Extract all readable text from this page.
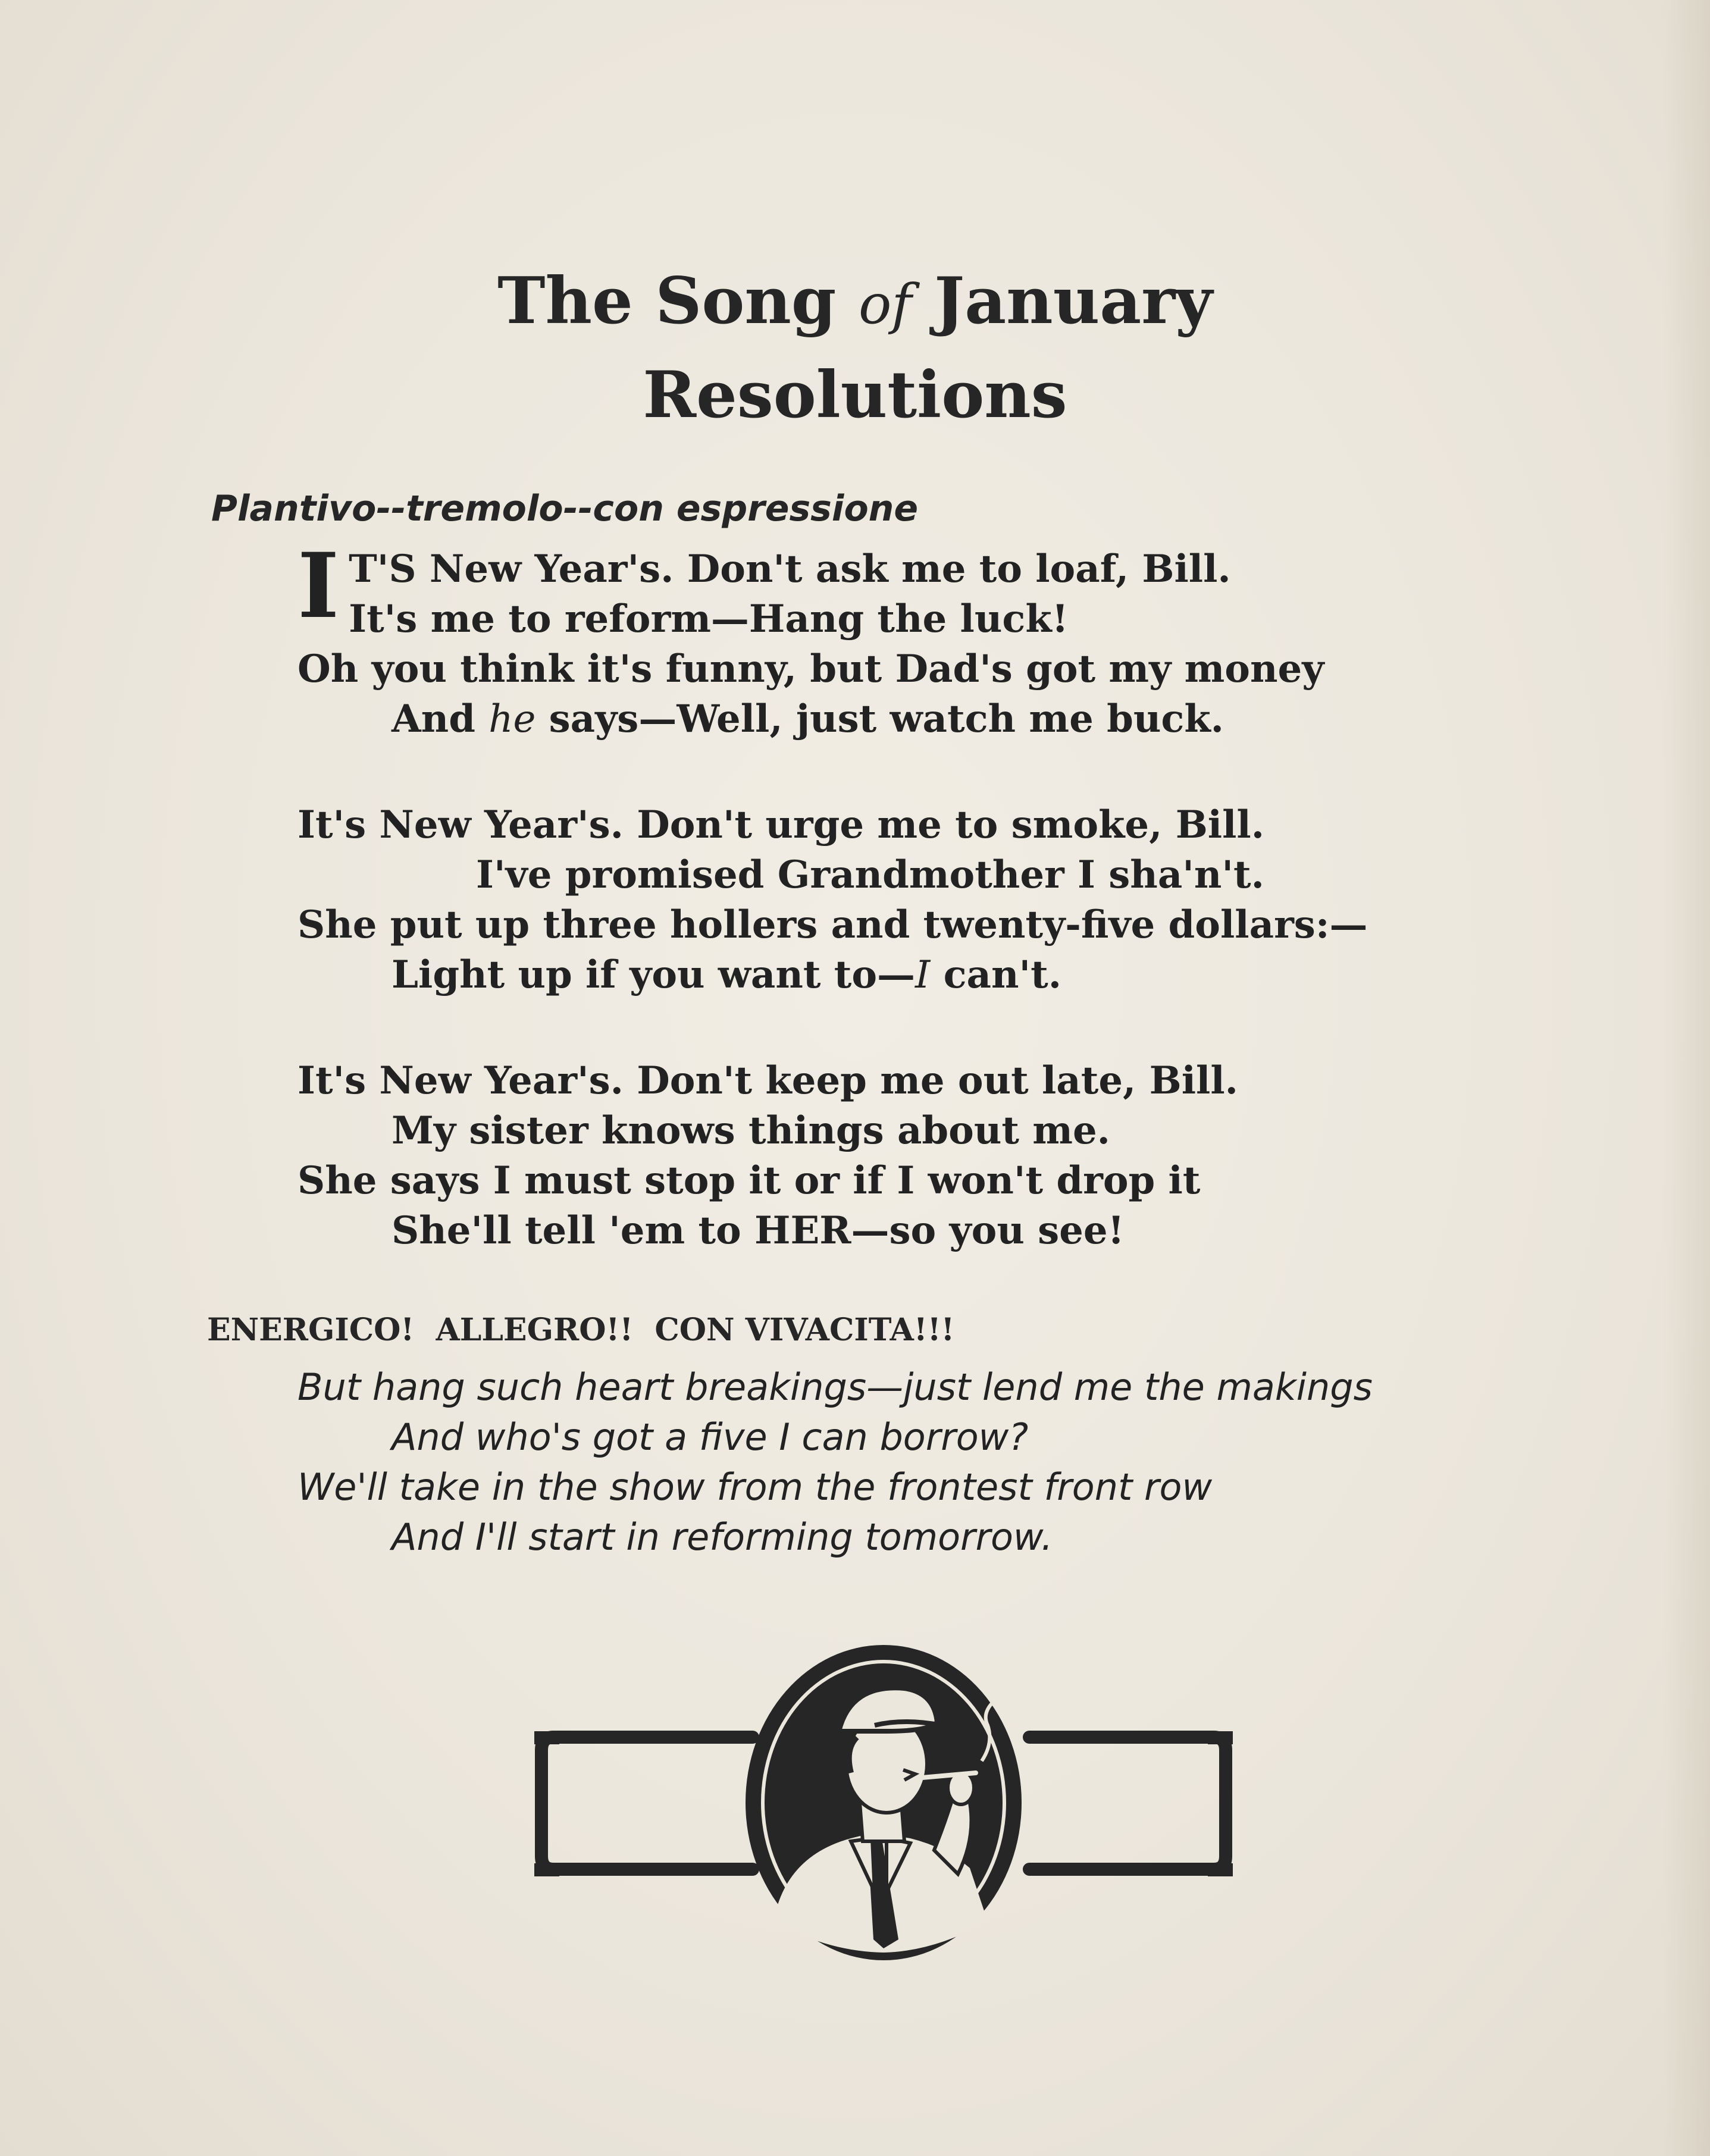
The Song of January
Resolutions

Plantivo--tremolo--con espressione

I T'S New Year's. Don't ask me to loaf, Bill.
It's me to reform—Hang the luck!
Oh you think it's funny, but Dad's got my money
And he says—Well, just watch me buck.
It's New Year's. Don't urge me to smoke, Bill.
I've promised Grandmother I sha'n't.
She put up three hollers and twenty-five dollars:—
Light up if you want to—I can't.
It's New Year's. Don't keep me out late, Bill.
My sister knows things about me.
She says I must stop it or if I won't drop it
She'll tell 'em to HER—so you see!

ENERGICO!  ALLEGRO!!  CON VIVACITA!!!

But hang such heart breakings—just lend me the makings
And who's got a five I can borrow?
We'll take in the show from the frontest front row
And I'll start in reforming tomorrow.
